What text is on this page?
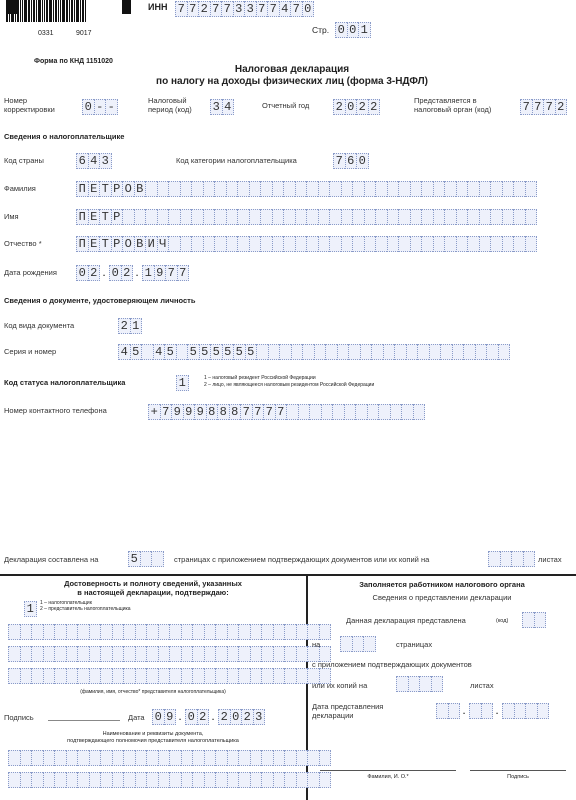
0331	9017
ИНН 7 7 2 7 7 3 3 7 7 4 7 0
Стр. 0 0 1
Форма по КНД 1151020
Налоговая декларация
по налогу на доходы физических лиц (форма 3-НДФЛ)
Номер
корректировки 0 - -	Налоговый
период (код) 3 4	Отчетный год 2 0 2 2	Представляется в
налоговый орган (код)	7 7 7 2
Сведения о налогоплательщике
Код страны	6 4 3	Код категории налогоплательщика	7 6 0
Фамилия	П Е Т Р О В
Имя	П Е Т Р
Отчество *	П Е Т Р О В И Ч
Дата рождения 0 2 . 0 2 . 1 9 7 7
Сведения о документе, удостоверяющем личность
Код вида документа	2 1
Серия и номер	4 5 4 5 5 5 5 5 5 5
Код статуса налогоплательщика	1	1 – налоговый резидент Российской Федерации
2 – лицо, не являющееся налоговым резидентом Российской Федерации
Номер контактного телефона	+ 7 9 9 9 8 8 8 7 7 7 7
Декларация составлена на	5	страницах с приложением подтверждающих документов или их копий на	листах
Достоверность и полноту сведений, указанных
в настоящей декларации, подтверждаю:
1	1 – налогоплательщик
2 – представитель налогоплательщика
(фамилия, имя, отчество* представителя налогоплательщика)
Подпись	Дата 0 9 . 0 2 . 2 0 2 3
Наименование и реквизиты документа,
подтверждающего полномочия представителя налогоплательщика
Заполняется работником налогового органа
Сведения о представлении декларации
Данная декларация представлена	(код)
на	страницах
с приложением подтверждающих документов
или их копий на	листах
Дата представления
декларации	. .
Фамилия, И. О.*	Подпись
